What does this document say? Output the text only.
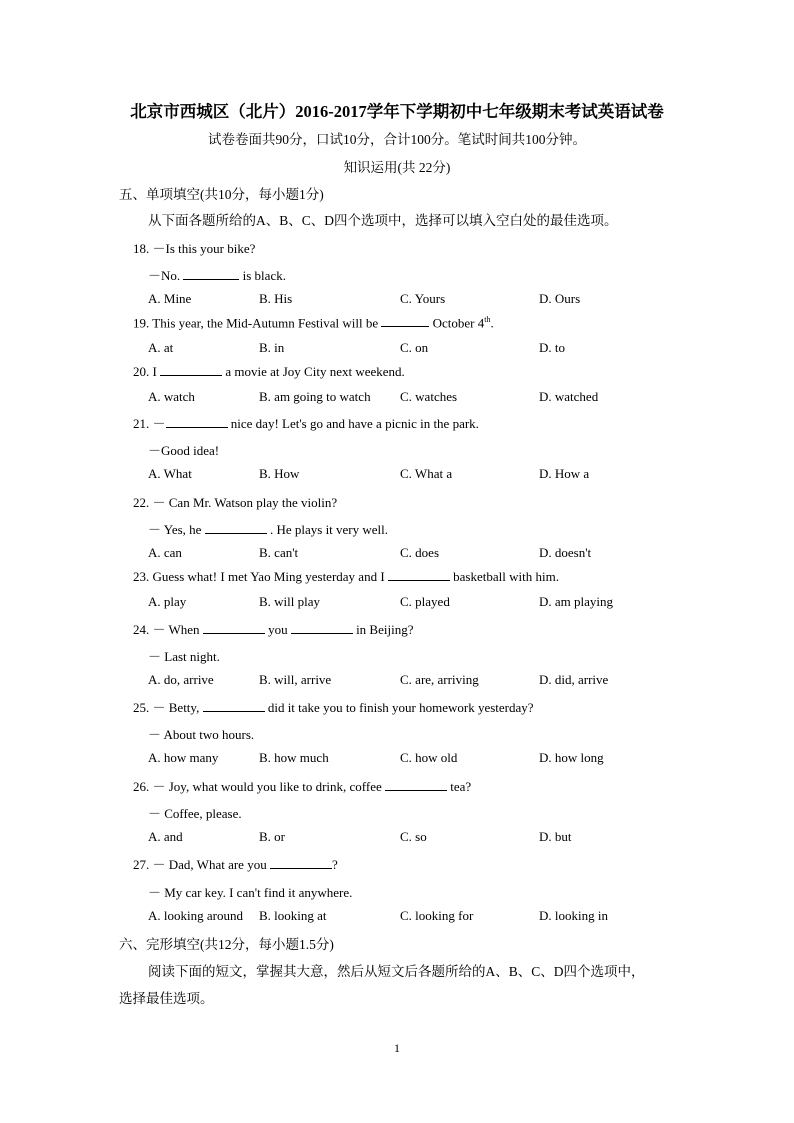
北京市西城区（北片）2016-2017学年下学期初中七年级期末考试英语试卷
试卷卷面共90分，口试10分，合计100分。笔试时间共100分钟。
知识运用(共 22分)
五、单项填空(共10分，每小题1分)
从下面各题所给的A、B、C、D四个选项中，选择可以填入空白处的最佳选项。
18. －Is this your bike?
－No.	is black.
A. Mine	B. His	C. Yours	D. Ours
19. This year, the Mid-Autumn Festival will be	October 4th.
A. at	B. in	C. on	D. to
20. I	a movie at Joy City next weekend.
A. watch	B. am going to watch C. watches	D. watched
21. －	nice day! Let's go and have a picnic in the park.
－Good idea!
A. What	B. How	C. What a	D. How a
22. － Can Mr. Watson play the violin?
－ Yes, he	. He plays it very well.
A. can	B. can't	C. does	D. doesn't
23. Guess what! I met Yao Ming yesterday and I	basketball with him.
A. play	B. will play	C. played	D. am playing
24. － When	you	in Beijing?
－ Last night.
A. do, arrive	B. will, arrive	C. are, arriving	D. did, arrive
25. － Betty,	did it take you to finish your homework yesterday?
－ About two hours.
A. how many	B. how much	C. how old	D. how long
26. － Joy, what would you like to drink, coffee	tea?
－ Coffee, please.
A. and	B. or	C. so	D. but
27. － Dad, What are you	?
－ My car key. I can't find it anywhere.
A. looking around B. looking at	C. looking for	D. looking in
六、完形填空(共12分，每小题1.5分)
阅读下面的短文，掌握其大意，然后从短文后各题所给的A、B、C、D四个选项中，
选择最佳选项。
1
